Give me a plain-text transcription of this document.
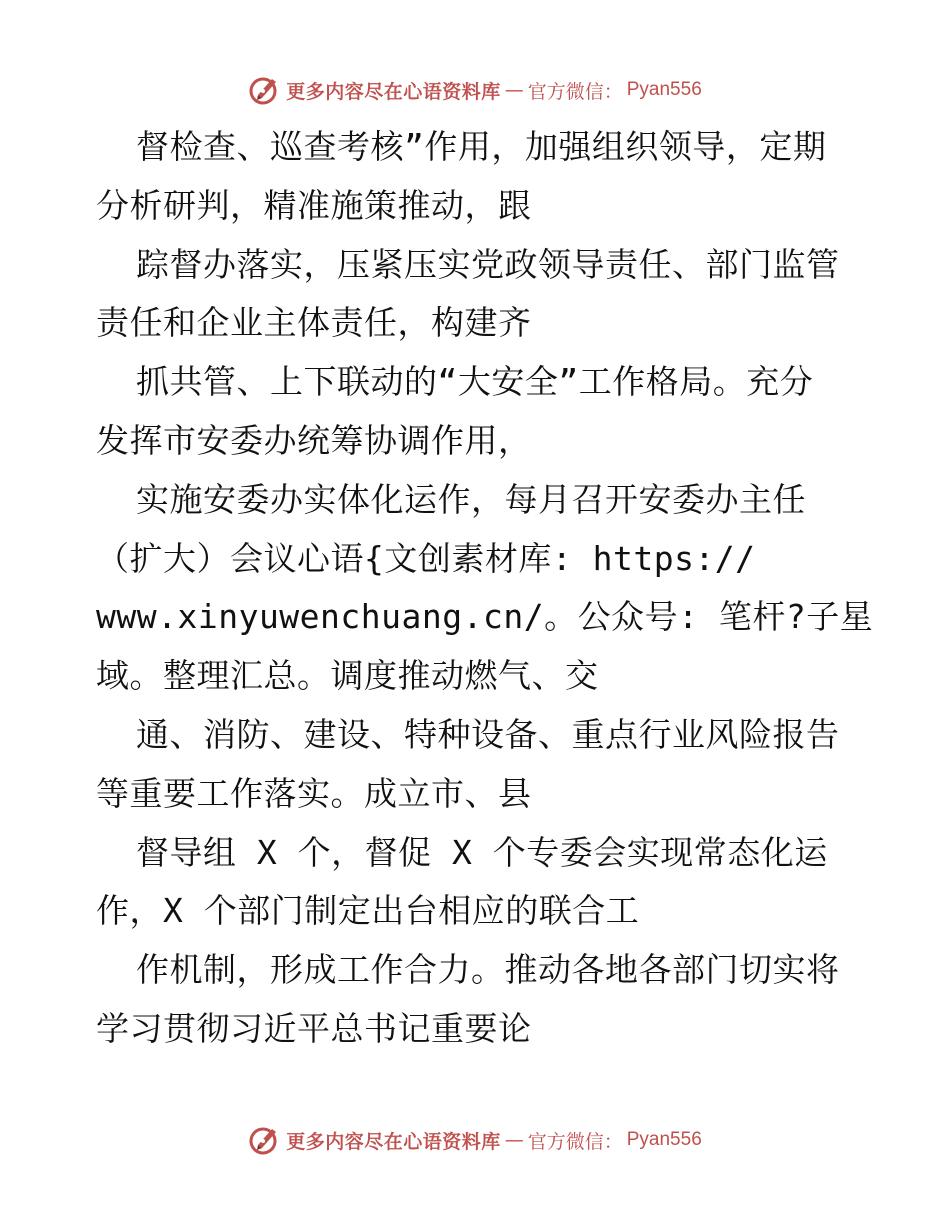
更多内容尽在心语资料库 — 官方微信： Pyan556
督检查、巡查考核”作用，加强组织领导，定期
分析研判，精准施策推动，跟
踪督办落实，压紧压实党政领导责任、部门监管
责任和企业主体责任，构建齐
抓共管、上下联动的“大安全”工作格局。充分
发挥市安委办统筹协调作用，
实施安委办实体化运作，每月召开安委办主任
（扩大）会议心语{文创素材库: https://
www.xinyuwenchuang.cn/。公众号: 笔杆?子星
域。整理汇总。调度推动燃气、交
通、消防、建设、特种设备、重点行业风险报告
等重要工作落实。成立市、县
督导组 X 个，督促 X 个专委会实现常态化运
作，X 个部门制定出台相应的联合工
作机制，形成工作合力。推动各地各部门切实将
学习贯彻习近平总书记重要论
更多内容尽在心语资料库 — 官方微信： Pyan556
